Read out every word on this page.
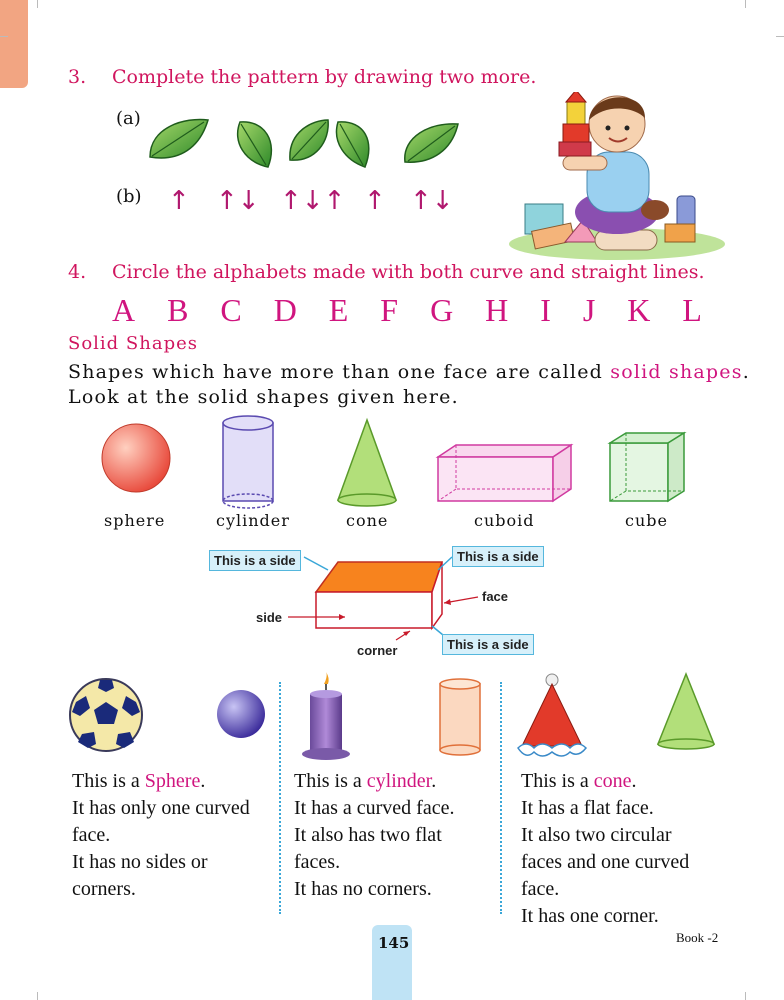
3. Complete the pattern by drawing two more.
(a)
(b) ↑ ↑↓ ↑↓↑ ↑ ↑↓
4. Circle the alphabets made with both curve and straight lines.
A B C D E F G H I J K L
Solid Shapes
Shapes which have more than one face are called solid shapes.
Look at the solid shapes given here.
sphere	cylinder	cone	cuboid	cube
This is a side	This is a side
This is a side
face
side
corner
This is a Sphere.
It has only one curved
face.
It has no sides or
corners.
This is a cylinder.
It has a curved face.
It also has two flat
faces.
It has no corners.
This is a cone.
It has a flat face.
It also two circular
faces and one curved
face.
It has one corner.
145	Book -2
